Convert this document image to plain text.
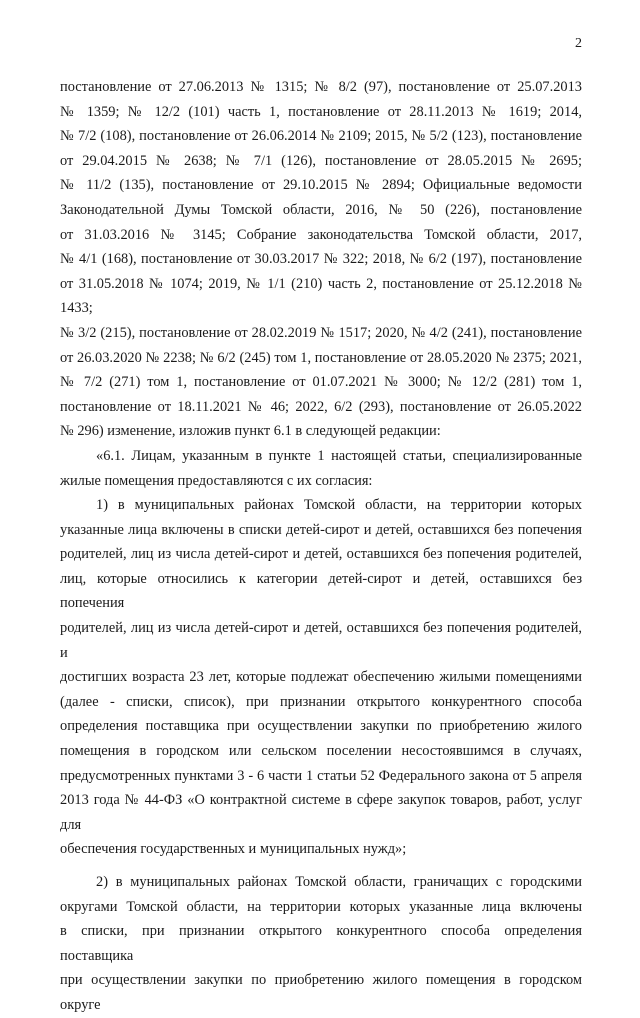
2

постановление от 27.06.2013 № 1315; № 8/2 (97), постановление от 25.07.2013

№ 1359; № 12/2 (101) часть 1, постановление от 28.11.2013 № 1619; 2014,

№ 7/2 (108), постановление от 26.06.2014 № 2109; 2015, № 5/2 (123), постановление

от 29.04.2015 № 2638; № 7/1 (126), постановление от 28.05.2015 № 2695;

№ 11/2 (135), постановление от 29.10.2015 № 2894; Официальные ведомости

Законодательной Думы Томской области, 2016, № 50 (226), постановление

от 31.03.2016 № 3145; Собрание законодательства Томской области, 2017,

№ 4/1 (168), постановление от 30.03.2017 № 322; 2018, № 6/2 (197), постановление

от 31.05.2018 № 1074; 2019, № 1/1 (210) часть 2, постановление от 25.12.2018 № 1433;

№ 3/2 (215), постановление от 28.02.2019 № 1517; 2020, № 4/2 (241), постановление

от 26.03.2020 № 2238; № 6/2 (245) том 1, постановление от 28.05.2020 № 2375; 2021,

№ 7/2 (271) том 1, постановление от 01.07.2021 № 3000; № 12/2 (281) том 1,

постановление от 18.11.2021 № 46; 2022, 6/2 (293), постановление от 26.05.2022

№ 296) изменение, изложив пункт 6.1 в следующей редакции:

«6.1. Лицам, указанным в пункте 1 настоящей статьи, специализированные

жилые помещения предоставляются с их согласия:

1) в муниципальных районах Томской области, на территории которых

указанные лица включены в списки детей-сирот и детей, оставшихся без попечения

родителей, лиц из числа детей-сирот и детей, оставшихся без попечения родителей,

лиц, которые относились к категории детей-сирот и детей, оставшихся без попечения

родителей, лиц из числа детей-сирот и детей, оставшихся без попечения родителей, и

достигших возраста 23 лет, которые подлежат обеспечению жилыми помещениями

(далее - списки, список), при признании открытого конкурентного способа

определения поставщика при осуществлении закупки по приобретению жилого

помещения в городском или сельском поселении несостоявшимся в случаях,

предусмотренных пунктами 3 - 6 части 1 статьи 52 Федерального закона от 5 апреля

2013 года № 44-ФЗ «О контрактной системе в сфере закупок товаров, работ, услуг для

обеспечения государственных и муниципальных нужд»;

2) в муниципальных районах Томской области, граничащих с городскими

округами Томской области, на территории которых указанные лица включены

в списки, при признании открытого конкурентного способа определения поставщика

при осуществлении закупки по приобретению жилого помещения в городском округе
